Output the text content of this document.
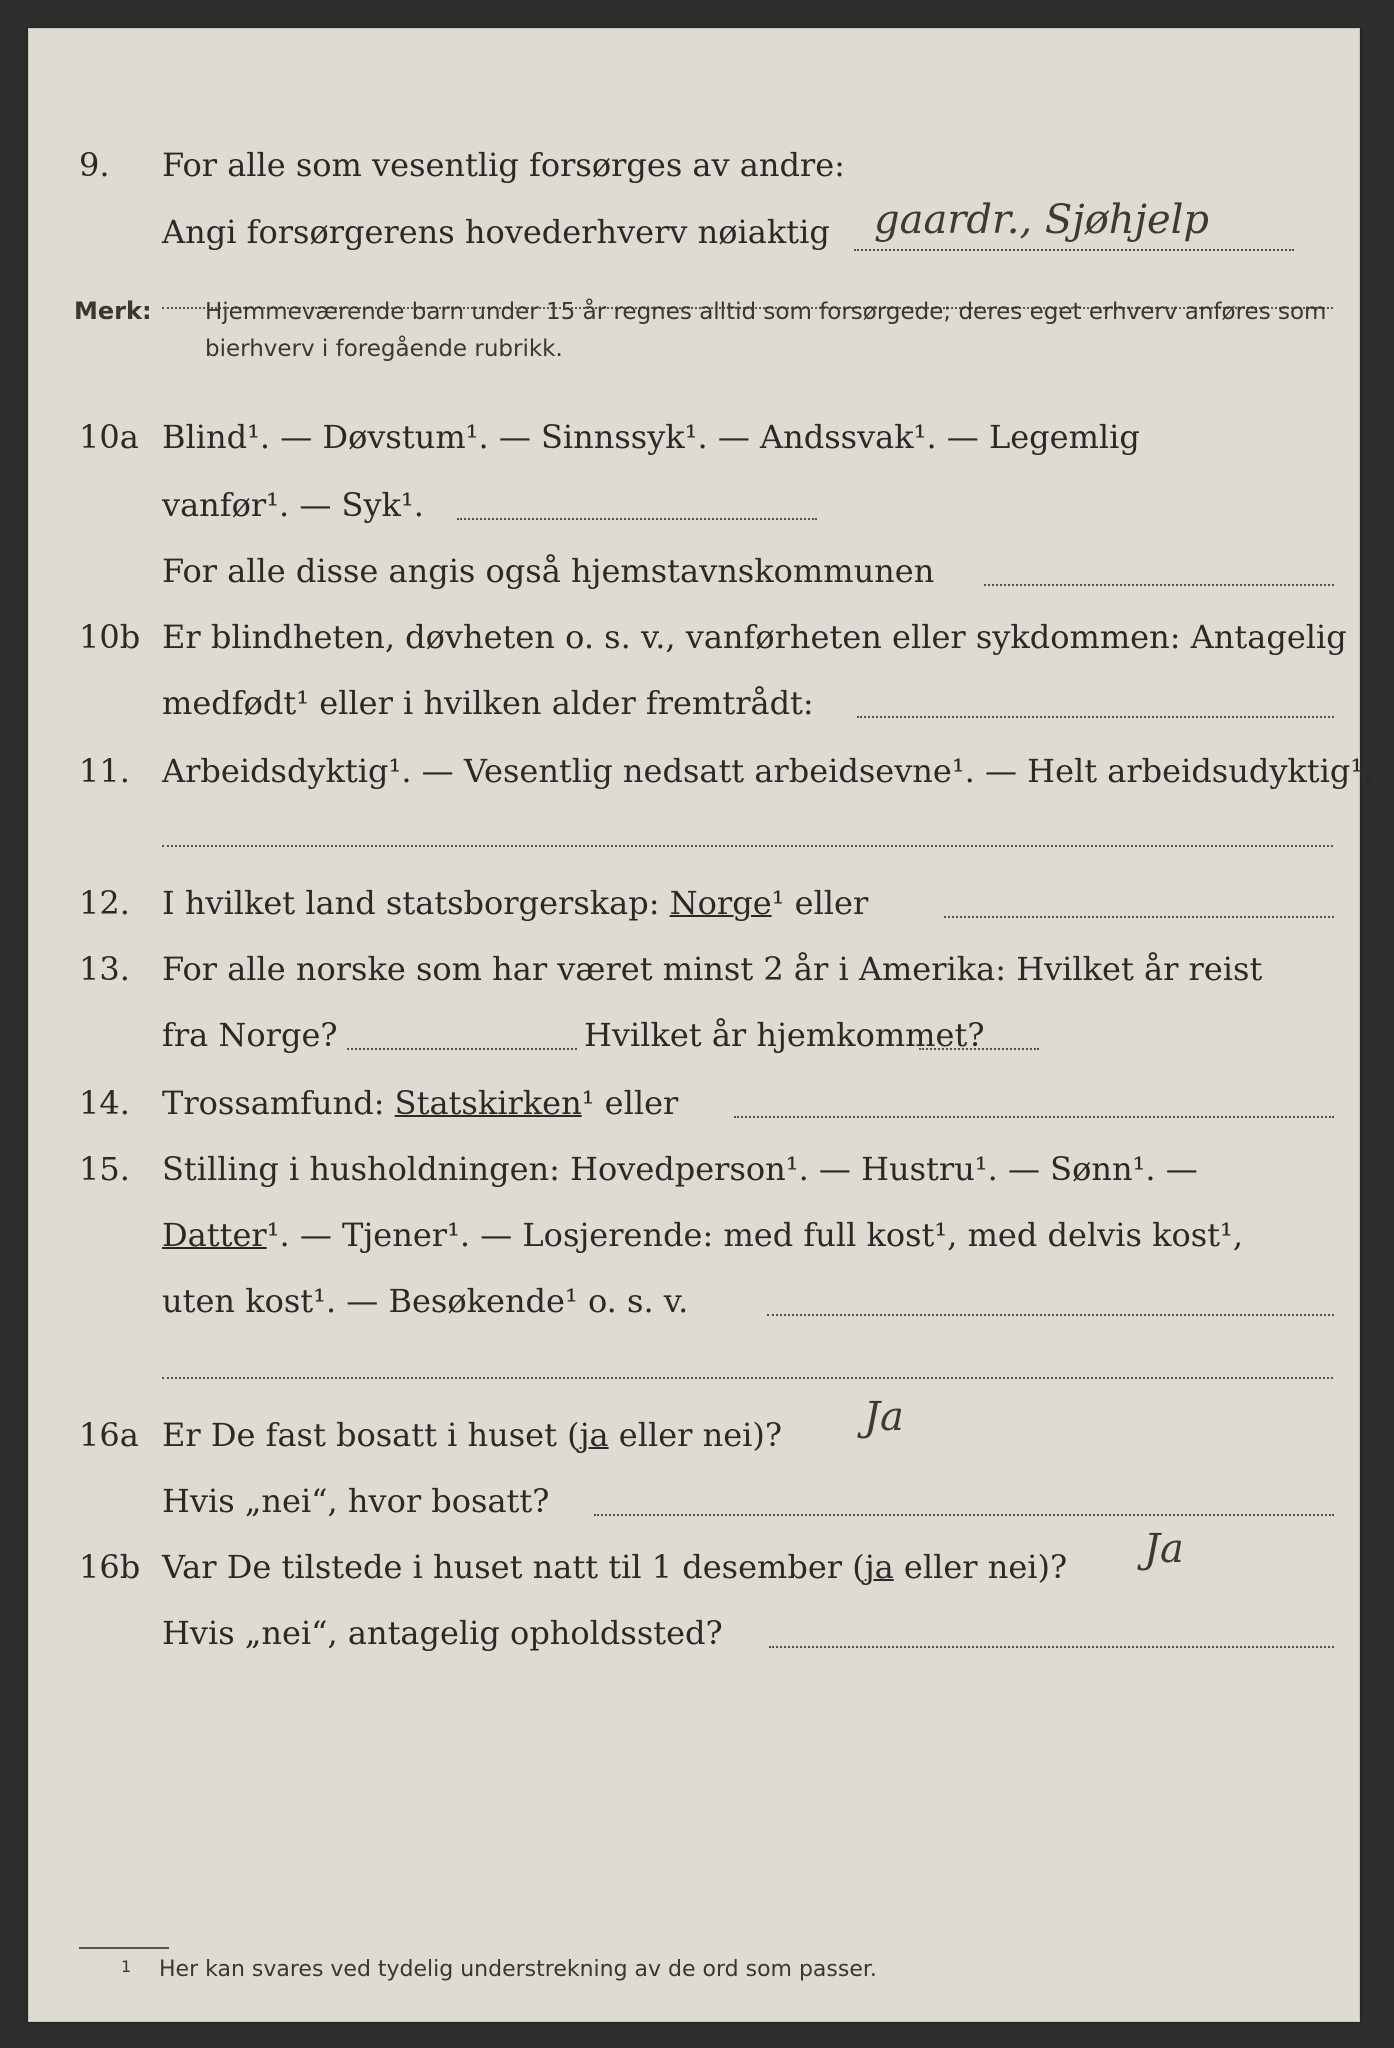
9. For alle som vesentlig forsørges av andre:
Angi forsørgerens hovederhverv nøiaktig gaardr., Sjøhjelp
Merk: Hjemmeværende barn under 15 år regnes alltid som forsørgede; deres eget erhverv anføres som bierhverv i foregående rubrikk.
10a Blind¹. — Døvstum¹. — Sinnssyk¹. — Andssvak¹. — Legemlig
vanfør¹. — Syk¹.
For alle disse angis også hjemstavnskommunen
10b Er blindheten, døvheten o. s. v., vanførheten eller sykdommen: Antagelig
medfødt¹ eller i hvilken alder fremtrådt:
11. Arbeidsdyktig¹. — Vesentlig nedsatt arbeidsevne¹. — Helt arbeidsudyktig¹.
12. I hvilket land statsborgerskap: Norge¹ eller
13. For alle norske som har været minst 2 år i Amerika: Hvilket år reist
fra Norge?	Hvilket år hjemkommet?
14. Trossamfund: Statskirken¹ eller
15. Stilling i husholdningen: Hovedperson¹. — Hustru¹. — Sønn¹. —
Datter¹. — Tjener¹. — Losjerende: med full kost¹, med delvis kost¹,
uten kost¹. — Besøkende¹ o. s. v.
16a Er De fast bosatt i huset (ja eller nei)? Ja
Hvis „nei“, hvor bosatt?
16b Var De tilstede i huset natt til 1 desember (ja eller nei)? Ja
Hvis „nei“, antagelig opholdssted?
1 Her kan svares ved tydelig understrekning av de ord som passer.
